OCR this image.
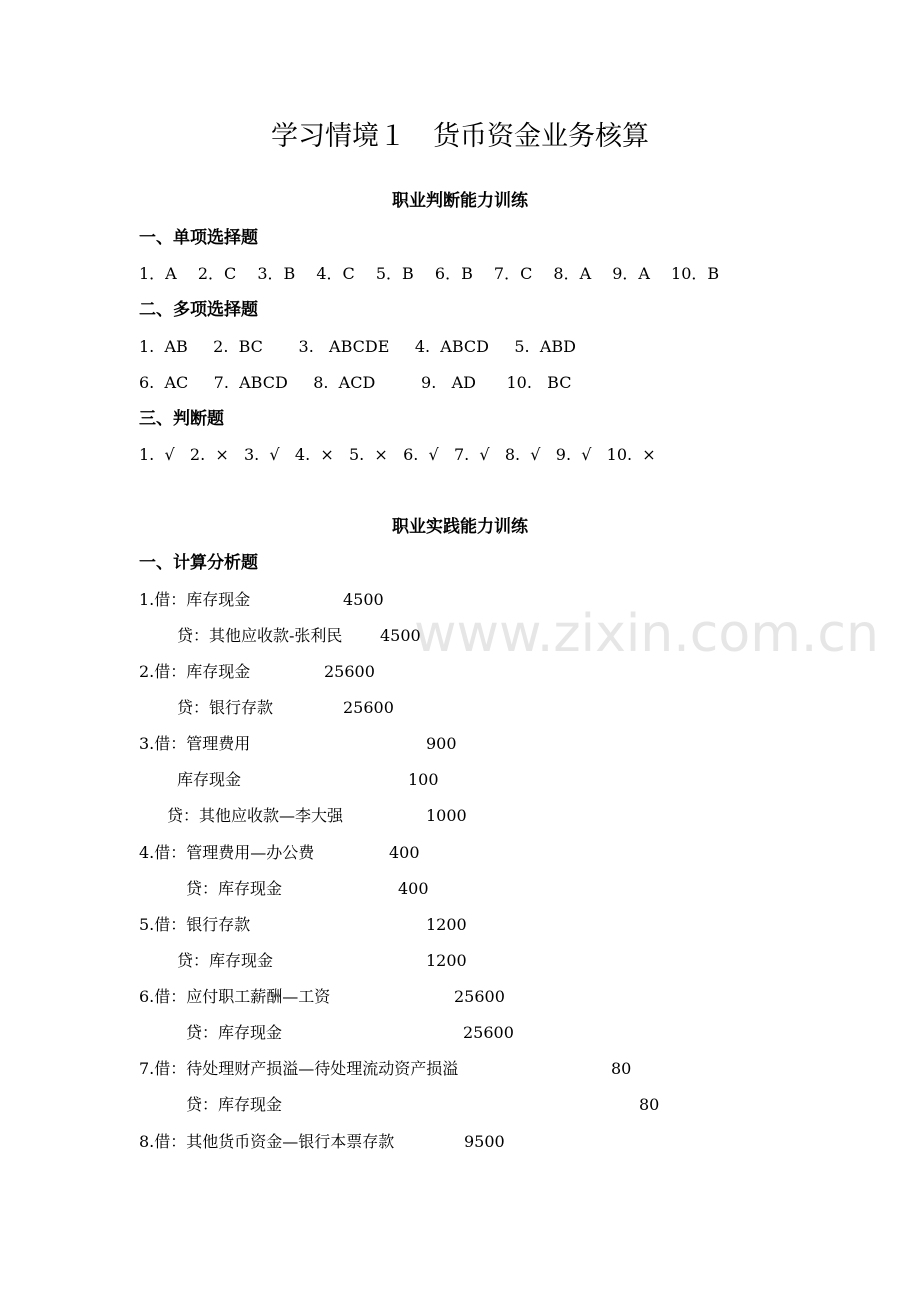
www.zixin.com.cn
学习情境１　货币资金业务核算
职业判断能力训练
一、单项选择题
1．A　 2．C　 3．B　 4．C　 5．B　 6．B　 7．C　 8．A　 9．A　 10．B
二、多项选择题
1.  AB     2.  BC       3.   ABCDE     4.  ABCD     5.  ABD
6.  AC     7.  ABCD     8.  ACD         9.   AD      10.   BC
三、判断题
1.  √   2.  ×   3.  √   4.  ×   5.  ×   6.  √   7.  √   8.  √   9.  √   10.  ×
职业实践能力训练
一、计算分析题
1.借：库存现金	4500
贷：其他应收款-张利民 4500
2.借：库存现金	25600
贷：银行存款	25600
3.借：管理费用	900
库存现金	100
贷：其他应收款—李大强	1000
4.借：管理费用—办公费	400
贷：库存现金	400
5.借：银行存款	1200
贷：库存现金	1200
6.借：应付职工薪酬—工资	25600
贷：库存现金	25600
7.借：待处理财产损溢—待处理流动资产损溢	80
贷：库存现金	80
8.借：其他货币资金—银行本票存款	9500
